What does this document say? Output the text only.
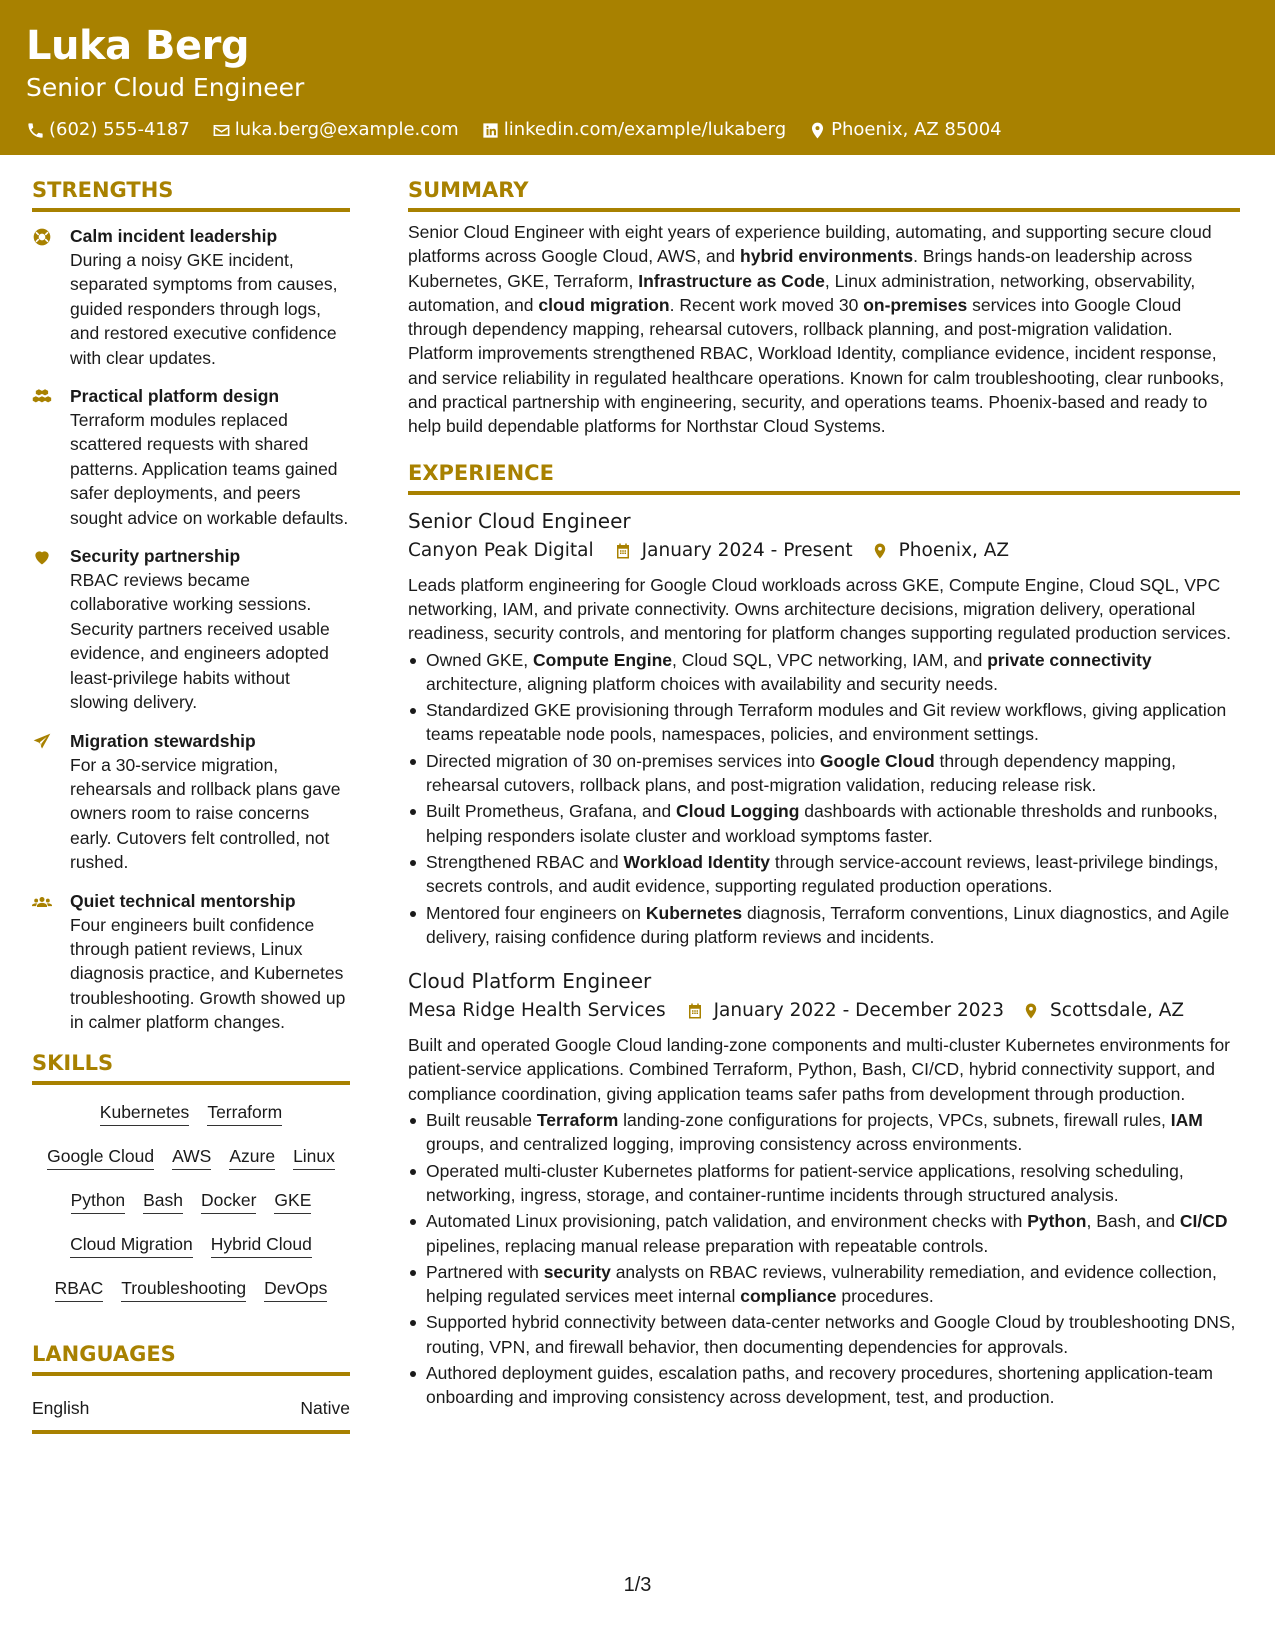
Luka Berg
Senior Cloud Engineer
(602) 555-4187	luka.berg@example.com	linkedin.com/example/lukaberg	Phoenix, AZ 85004
STRENGTHS
Calm incident leadership
During a noisy GKE incident, separated symptoms from causes, guided responders through logs, and restored executive confidence with clear updates.
Practical platform design
Terraform modules replaced scattered requests with shared patterns. Application teams gained safer deployments, and peers sought advice on workable defaults.
Security partnership
RBAC reviews became collaborative working sessions. Security partners received usable evidence, and engineers adopted least-privilege habits without slowing delivery.
Migration stewardship
For a 30-service migration, rehearsals and rollback plans gave owners room to raise concerns early. Cutovers felt controlled, not rushed.
Quiet technical mentorship
Four engineers built confidence through patient reviews, Linux diagnosis practice, and Kubernetes troubleshooting. Growth showed up in calmer platform changes.
SKILLS
Kubernetes Terraform
Google Cloud AWS Azure Linux
Python Bash Docker GKE
Cloud Migration Hybrid Cloud
RBAC Troubleshooting DevOps
LANGUAGES
English	Native
SUMMARY
Senior Cloud Engineer with eight years of experience building, automating, and supporting secure cloud platforms across Google Cloud, AWS, and hybrid environments. Brings hands-on leadership across Kubernetes, GKE, Terraform, Infrastructure as Code, Linux administration, networking, observability, automation, and cloud migration. Recent work moved 30 on-premises services into Google Cloud through dependency mapping, rehearsal cutovers, rollback planning, and post-migration validation. Platform improvements strengthened RBAC, Workload Identity, compliance evidence, incident response, and service reliability in regulated healthcare operations. Known for calm troubleshooting, clear runbooks, and practical partnership with engineering, security, and operations teams. Phoenix-based and ready to help build dependable platforms for Northstar Cloud Systems.
EXPERIENCE
Senior Cloud Engineer
Canyon Peak Digital	January 2024 - Present Phoenix, AZ
Leads platform engineering for Google Cloud workloads across GKE, Compute Engine, Cloud SQL, VPC networking, IAM, and private connectivity. Owns architecture decisions, migration delivery, operational readiness, security controls, and mentoring for platform changes supporting regulated production services.
Owned GKE, Compute Engine, Cloud SQL, VPC networking, IAM, and private connectivity architecture, aligning platform choices with availability and security needs.
Standardized GKE provisioning through Terraform modules and Git review workflows, giving application teams repeatable node pools, namespaces, policies, and environment settings.
Directed migration of 30 on-premises services into Google Cloud through dependency mapping, rehearsal cutovers, rollback plans, and post-migration validation, reducing release risk.
Built Prometheus, Grafana, and Cloud Logging dashboards with actionable thresholds and runbooks, helping responders isolate cluster and workload symptoms faster.
Strengthened RBAC and Workload Identity through service-account reviews, least-privilege bindings, secrets controls, and audit evidence, supporting regulated production operations.
Mentored four engineers on Kubernetes diagnosis, Terraform conventions, Linux diagnostics, and Agile delivery, raising confidence during platform reviews and incidents.
Cloud Platform Engineer
Mesa Ridge Health Services	January 2022 - December 2023 Scottsdale, AZ
Built and operated Google Cloud landing-zone components and multi-cluster Kubernetes environments for patient-service applications. Combined Terraform, Python, Bash, CI/CD, hybrid connectivity support, and compliance coordination, giving application teams safer paths from development through production.
Built reusable Terraform landing-zone configurations for projects, VPCs, subnets, firewall rules, IAM groups, and centralized logging, improving consistency across environments.
Operated multi-cluster Kubernetes platforms for patient-service applications, resolving scheduling, networking, ingress, storage, and container-runtime incidents through structured analysis.
Automated Linux provisioning, patch validation, and environment checks with Python, Bash, and CI/CD pipelines, replacing manual release preparation with repeatable controls.
Partnered with security analysts on RBAC reviews, vulnerability remediation, and evidence collection, helping regulated services meet internal compliance procedures.
Supported hybrid connectivity between data-center networks and Google Cloud by troubleshooting DNS, routing, VPN, and firewall behavior, then documenting dependencies for approvals.
Authored deployment guides, escalation paths, and recovery procedures, shortening application-team onboarding and improving consistency across development, test, and production.
1/3
